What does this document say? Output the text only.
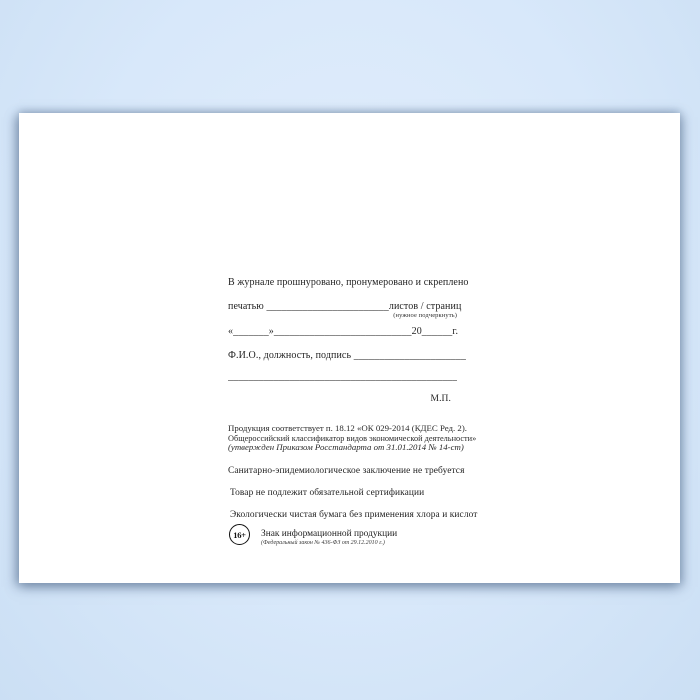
В журнале прошнуровано, пронумеровано и скреплено
печатью ________________________листов / страниц
(нужное подчеркнуть)
«_______»___________________________20______г.
Ф.И.О., должность, подпись ______________________
_____________________________________________
М.П.
Продукция соответствует п. 18.12 «ОК 029-2014 (КДЕС Ред. 2).
Общероссийский классификатор видов экономической деятельности»
(утвержден Приказом Росстандарта от 31.01.2014 № 14-ст)
Санитарно-эпидемиологическое заключение не требуется
Товар не подлежит обязательной сертификации
Экологически чистая бумага без применения хлора и кислот
16+	Знак информационной продукции
(Федеральный закон № 436-ФЗ от 29.12.2010 г.)
